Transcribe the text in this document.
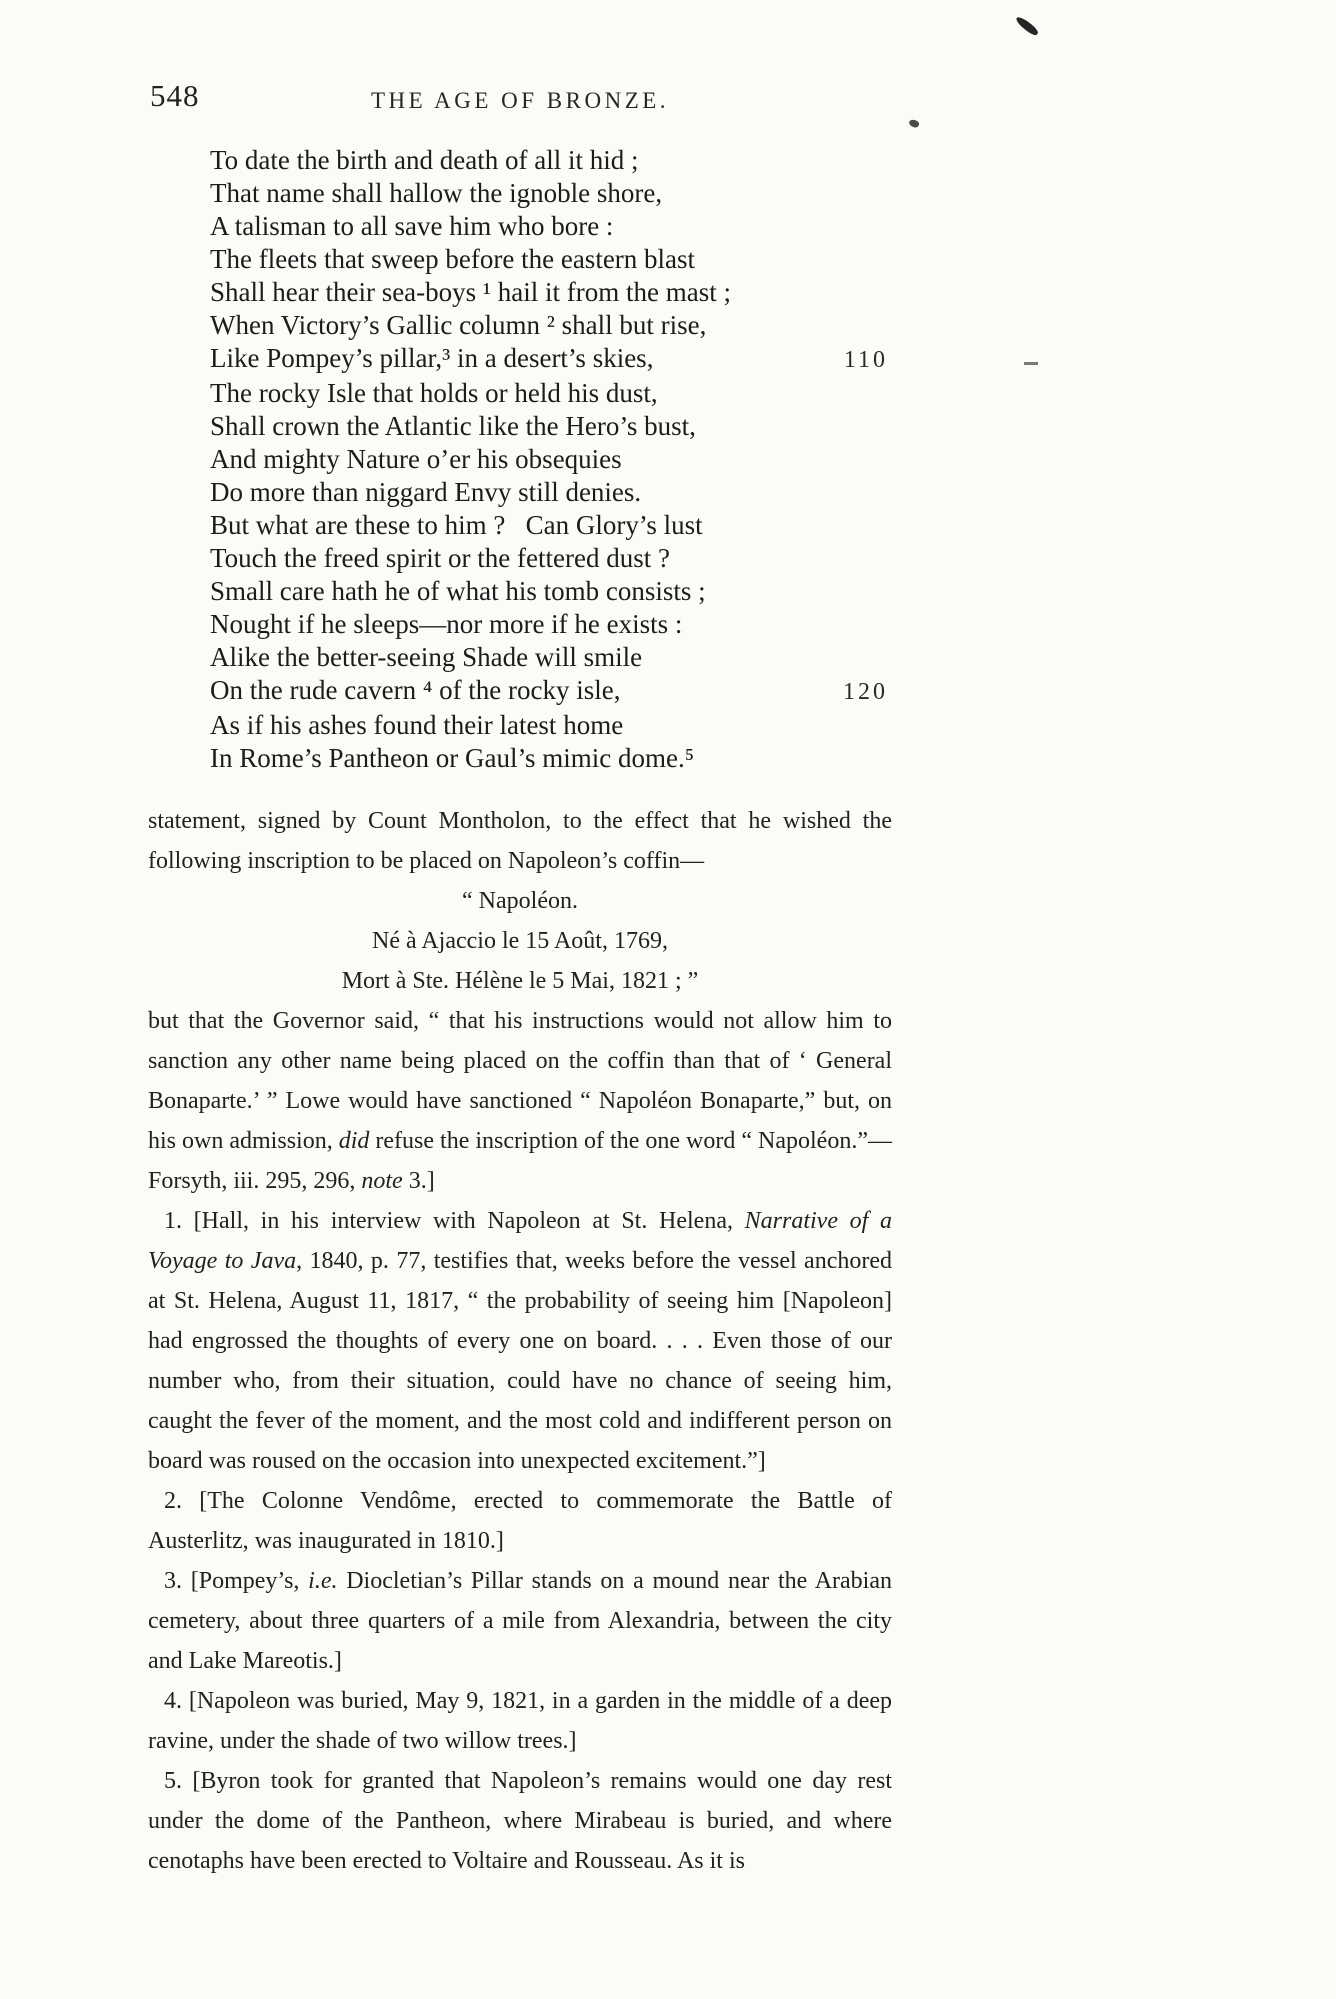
548	THE AGE OF BRONZE.
To date the birth and death of all it hid ;
That name shall hallow the ignoble shore,
A talisman to all save him who bore :
The fleets that sweep before the eastern blast
Shall hear their sea-boys ¹ hail it from the mast ;
When Victory’s Gallic column ² shall but rise,
Like Pompey’s pillar,³ in a desert’s skies,	110
The rocky Isle that holds or held his dust,
Shall crown the Atlantic like the Hero’s bust,
And mighty Nature o’er his obsequies
Do more than niggard Envy still denies.
But what are these to him ?   Can Glory’s lust
Touch the freed spirit or the fettered dust ?
Small care hath he of what his tomb consists ;
Nought if he sleeps—nor more if he exists :
Alike the better-seeing Shade will smile
On the rude cavern ⁴ of the rocky isle,	120
As if his ashes found their latest home
In Rome’s Pantheon or Gaul’s mimic dome.⁵

statement, signed by Count Montholon, to the effect that he wished the following inscription to be placed on Napoleon’s coffin—

“ Napoléon.

Né à Ajaccio le 15 Août, 1769,

Mort à Ste. Hélène le 5 Mai, 1821 ; ”

but that the Governor said, “ that his instructions would not allow him to sanction any other name being placed on the coffin than that of ‘ General Bonaparte.’ ” Lowe would have sanctioned “ Napoléon Bonaparte,” but, on his own admission, did refuse the inscription of the one word “ Napoléon.”—Forsyth, iii. 295, 296, note 3.]

1. [Hall, in his interview with Napoleon at St. Helena, Narrative of a Voyage to Java, 1840, p. 77, testifies that, weeks before the vessel anchored at St. Helena, August 11, 1817, “ the probability of seeing him [Napoleon] had engrossed the thoughts of every one on board. . . . Even those of our number who, from their situation, could have no chance of seeing him, caught the fever of the moment, and the most cold and indifferent person on board was roused on the occasion into unexpected excitement.”]

2. [The Colonne Vendôme, erected to commemorate the Battle of Austerlitz, was inaugurated in 1810.]

3. [Pompey’s, i.e. Diocletian’s Pillar stands on a mound near the Arabian cemetery, about three quarters of a mile from Alexandria, between the city and Lake Mareotis.]

4. [Napoleon was buried, May 9, 1821, in a garden in the middle of a deep ravine, under the shade of two willow trees.]

5. [Byron took for granted that Napoleon’s remains would one day rest under the dome of the Pantheon, where Mirabeau is buried, and where cenotaphs have been erected to Voltaire and Rousseau. As it is
